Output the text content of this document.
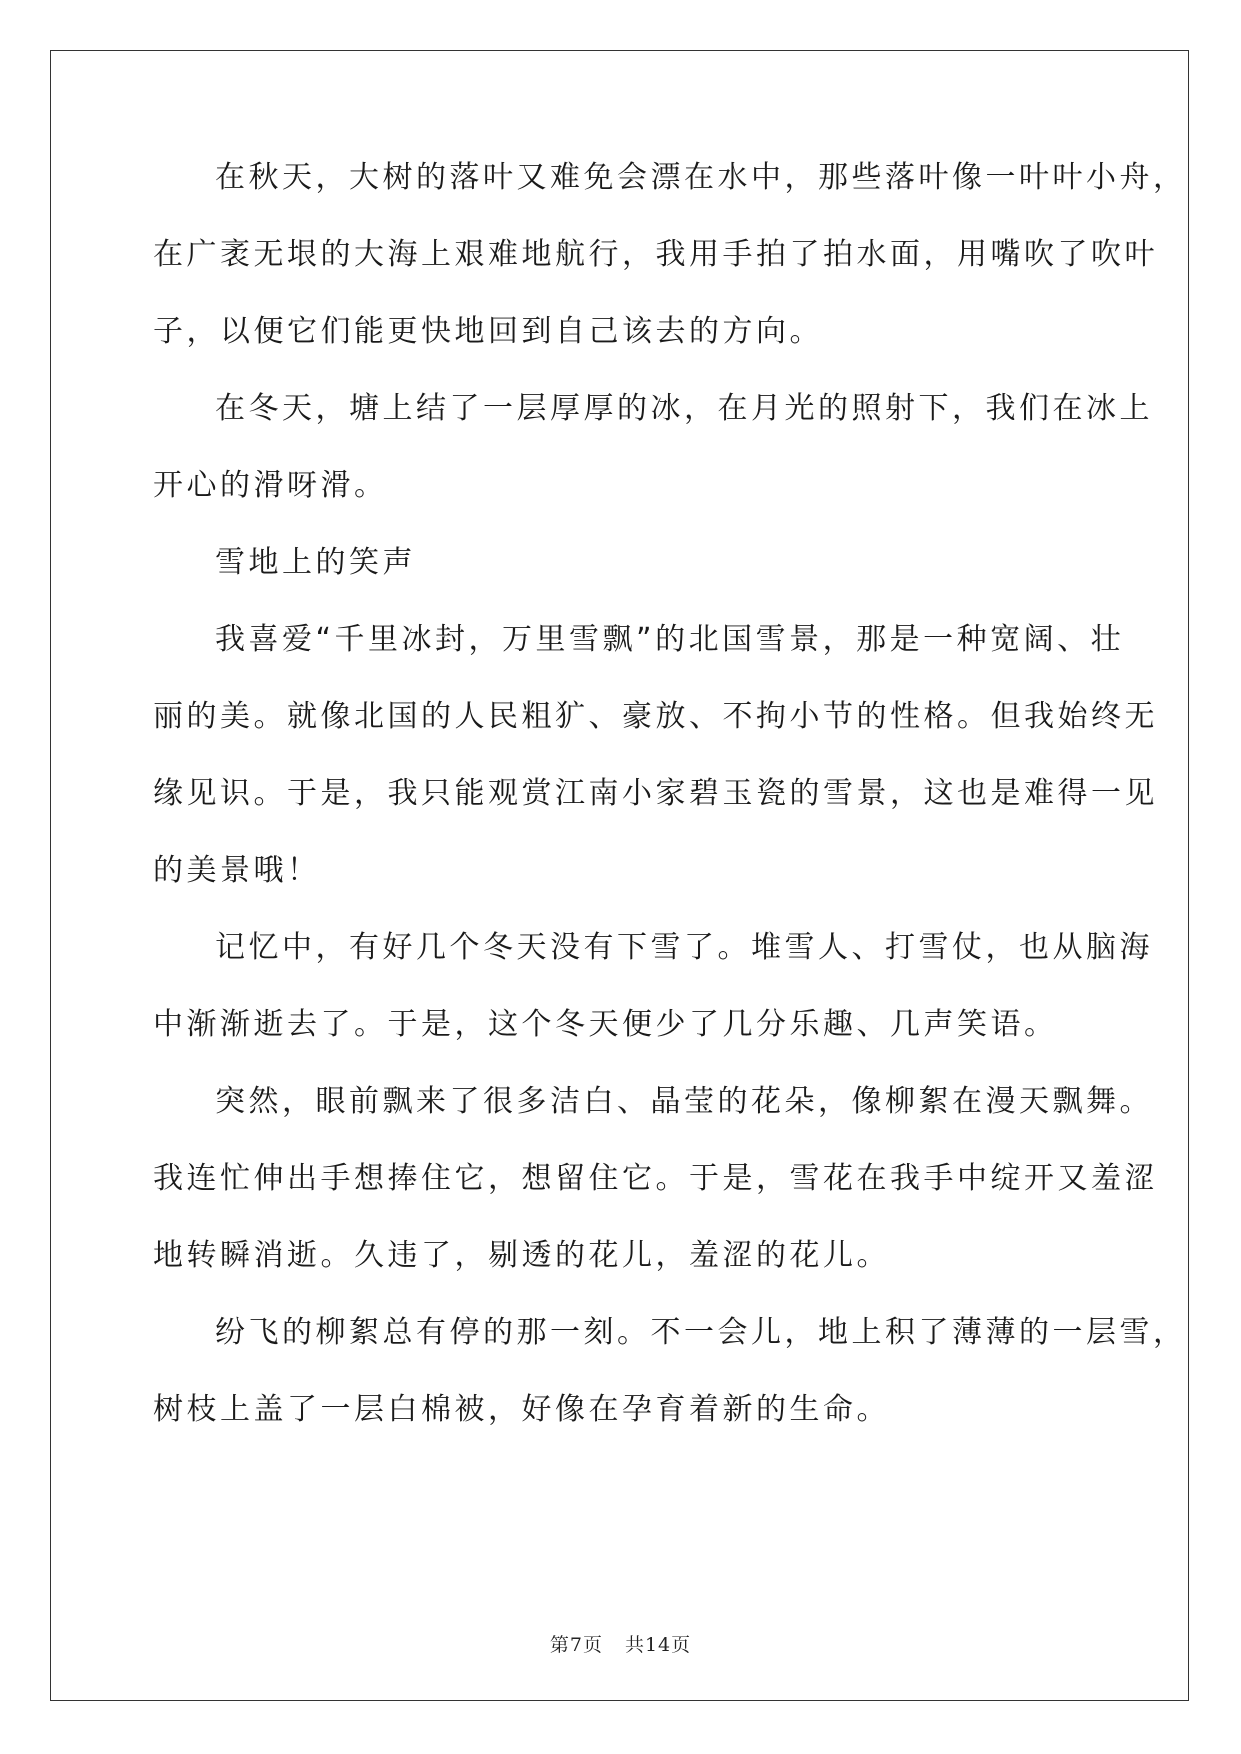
在秋天，大树的落叶又难免会漂在水中，那些落叶像一叶叶小舟，
在广袤无垠的大海上艰难地航行，我用手拍了拍水面，用嘴吹了吹叶
子，以便它们能更快地回到自己该去的方向。
在冬天，塘上结了一层厚厚的冰，在月光的照射下，我们在冰上
开心的滑呀滑。
雪地上的笑声
我喜爱“千里冰封，万里雪飘”的北国雪景，那是一种宽阔、壮
丽的美。就像北国的人民粗犷、豪放、不拘小节的性格。但我始终无
缘见识。于是，我只能观赏江南小家碧玉瓷的雪景，这也是难得一见
的美景哦！
记忆中，有好几个冬天没有下雪了。堆雪人、打雪仗，也从脑海
中渐渐逝去了。于是，这个冬天便少了几分乐趣、几声笑语。
突然，眼前飘来了很多洁白、晶莹的花朵，像柳絮在漫天飘舞。
我连忙伸出手想捧住它，想留住它。于是，雪花在我手中绽开又羞涩
地转瞬消逝。久违了，剔透的花儿，羞涩的花儿。
纷飞的柳絮总有停的那一刻。不一会儿，地上积了薄薄的一层雪，
树枝上盖了一层白棉被，好像在孕育着新的生命。
第7页 共14页
